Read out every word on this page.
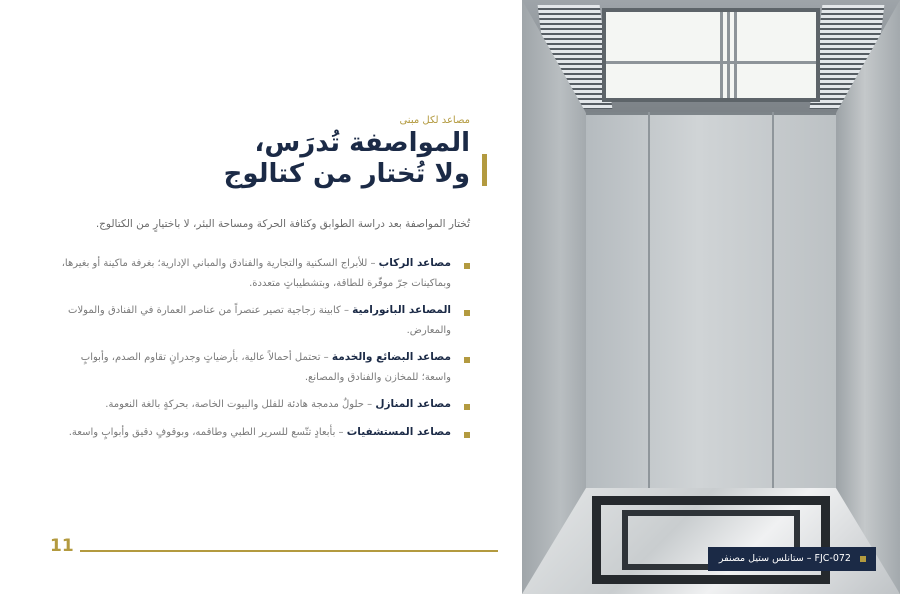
مصاعد لكل مبنى
المواصفة تُدرَس،
ولا تُختار من كتالوج
تُختار المواصفة بعد دراسة الطوابق وكثافة الحركة ومساحة البئر، لا باختيارٍ من الكتالوج.
مصاعد الركاب – للأبراج السكنية والتجارية والفنادق والمباني الإدارية؛ بغرفة ماكينة أو بغيرها، وبماكينات جرّ موفّرة للطاقة، وبتشطيباتٍ متعددة.
المصاعد البانورامية – كابينة زجاجية تصير عنصراً من عناصر العمارة في الفنادق والمولات والمعارض.
مصاعد البضائع والخدمة – تحتمل أحمالاً عالية، بأرضياتٍ وجدرانٍ تقاوم الصدم، وأبوابٍ واسعة؛ للمخازن والفنادق والمصانع.
مصاعد المنازل – حلولٌ مدمجة هادئة للفلل والبيوت الخاصة، بحركةٍ بالغة النعومة.
مصاعد المستشفيات – بأبعادٍ تتّسع للسرير الطبي وطاقمه، وبوقوفٍ دقيق وأبوابٍ واسعة.
11
FJC-072 – ستانلس ستيل مصنفر
